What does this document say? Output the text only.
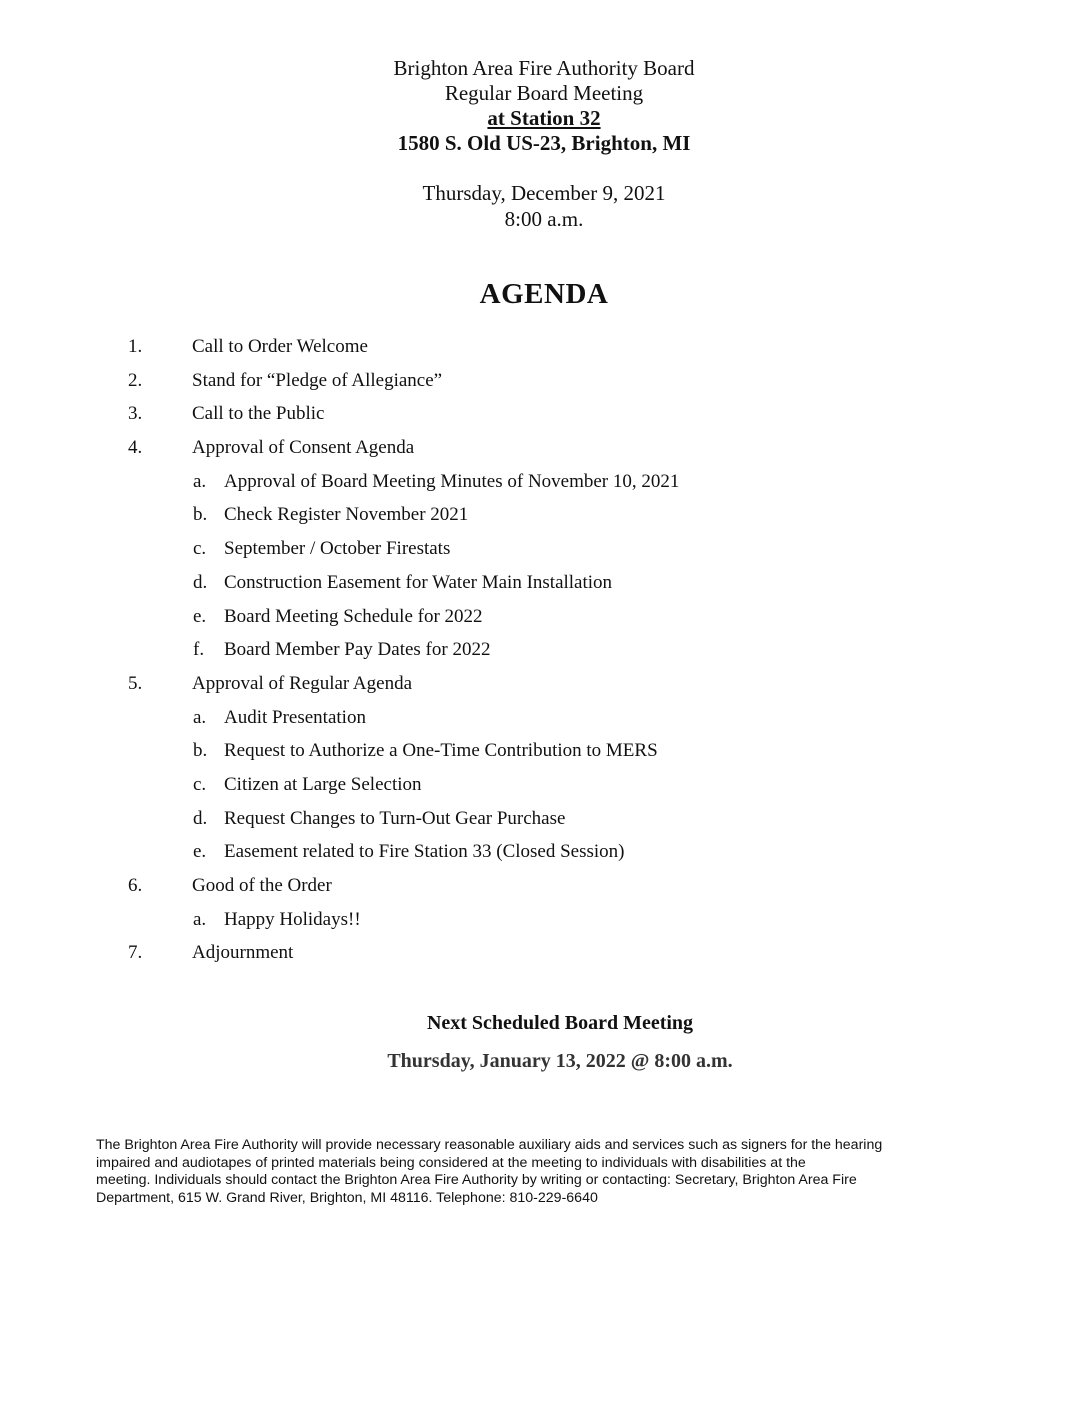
Brighton Area Fire Authority Board
Regular Board Meeting
at Station 32
1580 S. Old US-23, Brighton, MI
Thursday, December 9, 2021
8:00 a.m.
AGENDA
1.	Call to Order Welcome
2.	Stand for “Pledge of Allegiance”
3.	Call to the Public
4.	Approval of Consent Agenda
a. Approval of Board Meeting Minutes of November 10, 2021
b. Check Register November 2021
c. September / October Firestats
d. Construction Easement for Water Main Installation
e. Board Meeting Schedule for 2022
f. Board Member Pay Dates for 2022
5.	Approval of Regular Agenda
a. Audit Presentation
b. Request to Authorize a One-Time Contribution to MERS
c. Citizen at Large Selection
d. Request Changes to Turn-Out Gear Purchase
e. Easement related to Fire Station 33 (Closed Session)
6.	Good of the Order
a. Happy Holidays!!
7.	Adjournment
Next Scheduled Board Meeting
Thursday, January 13, 2022 @ 8:00 a.m.
The Brighton Area Fire Authority will provide necessary reasonable auxiliary aids and services such as signers for the hearing
impaired and audiotapes of printed materials being considered at the meeting to individuals with disabilities at the
meeting. Individuals should contact the Brighton Area Fire Authority by writing or contacting: Secretary, Brighton Area Fire
Department, 615 W. Grand River, Brighton, MI 48116. Telephone: 810-229-6640
